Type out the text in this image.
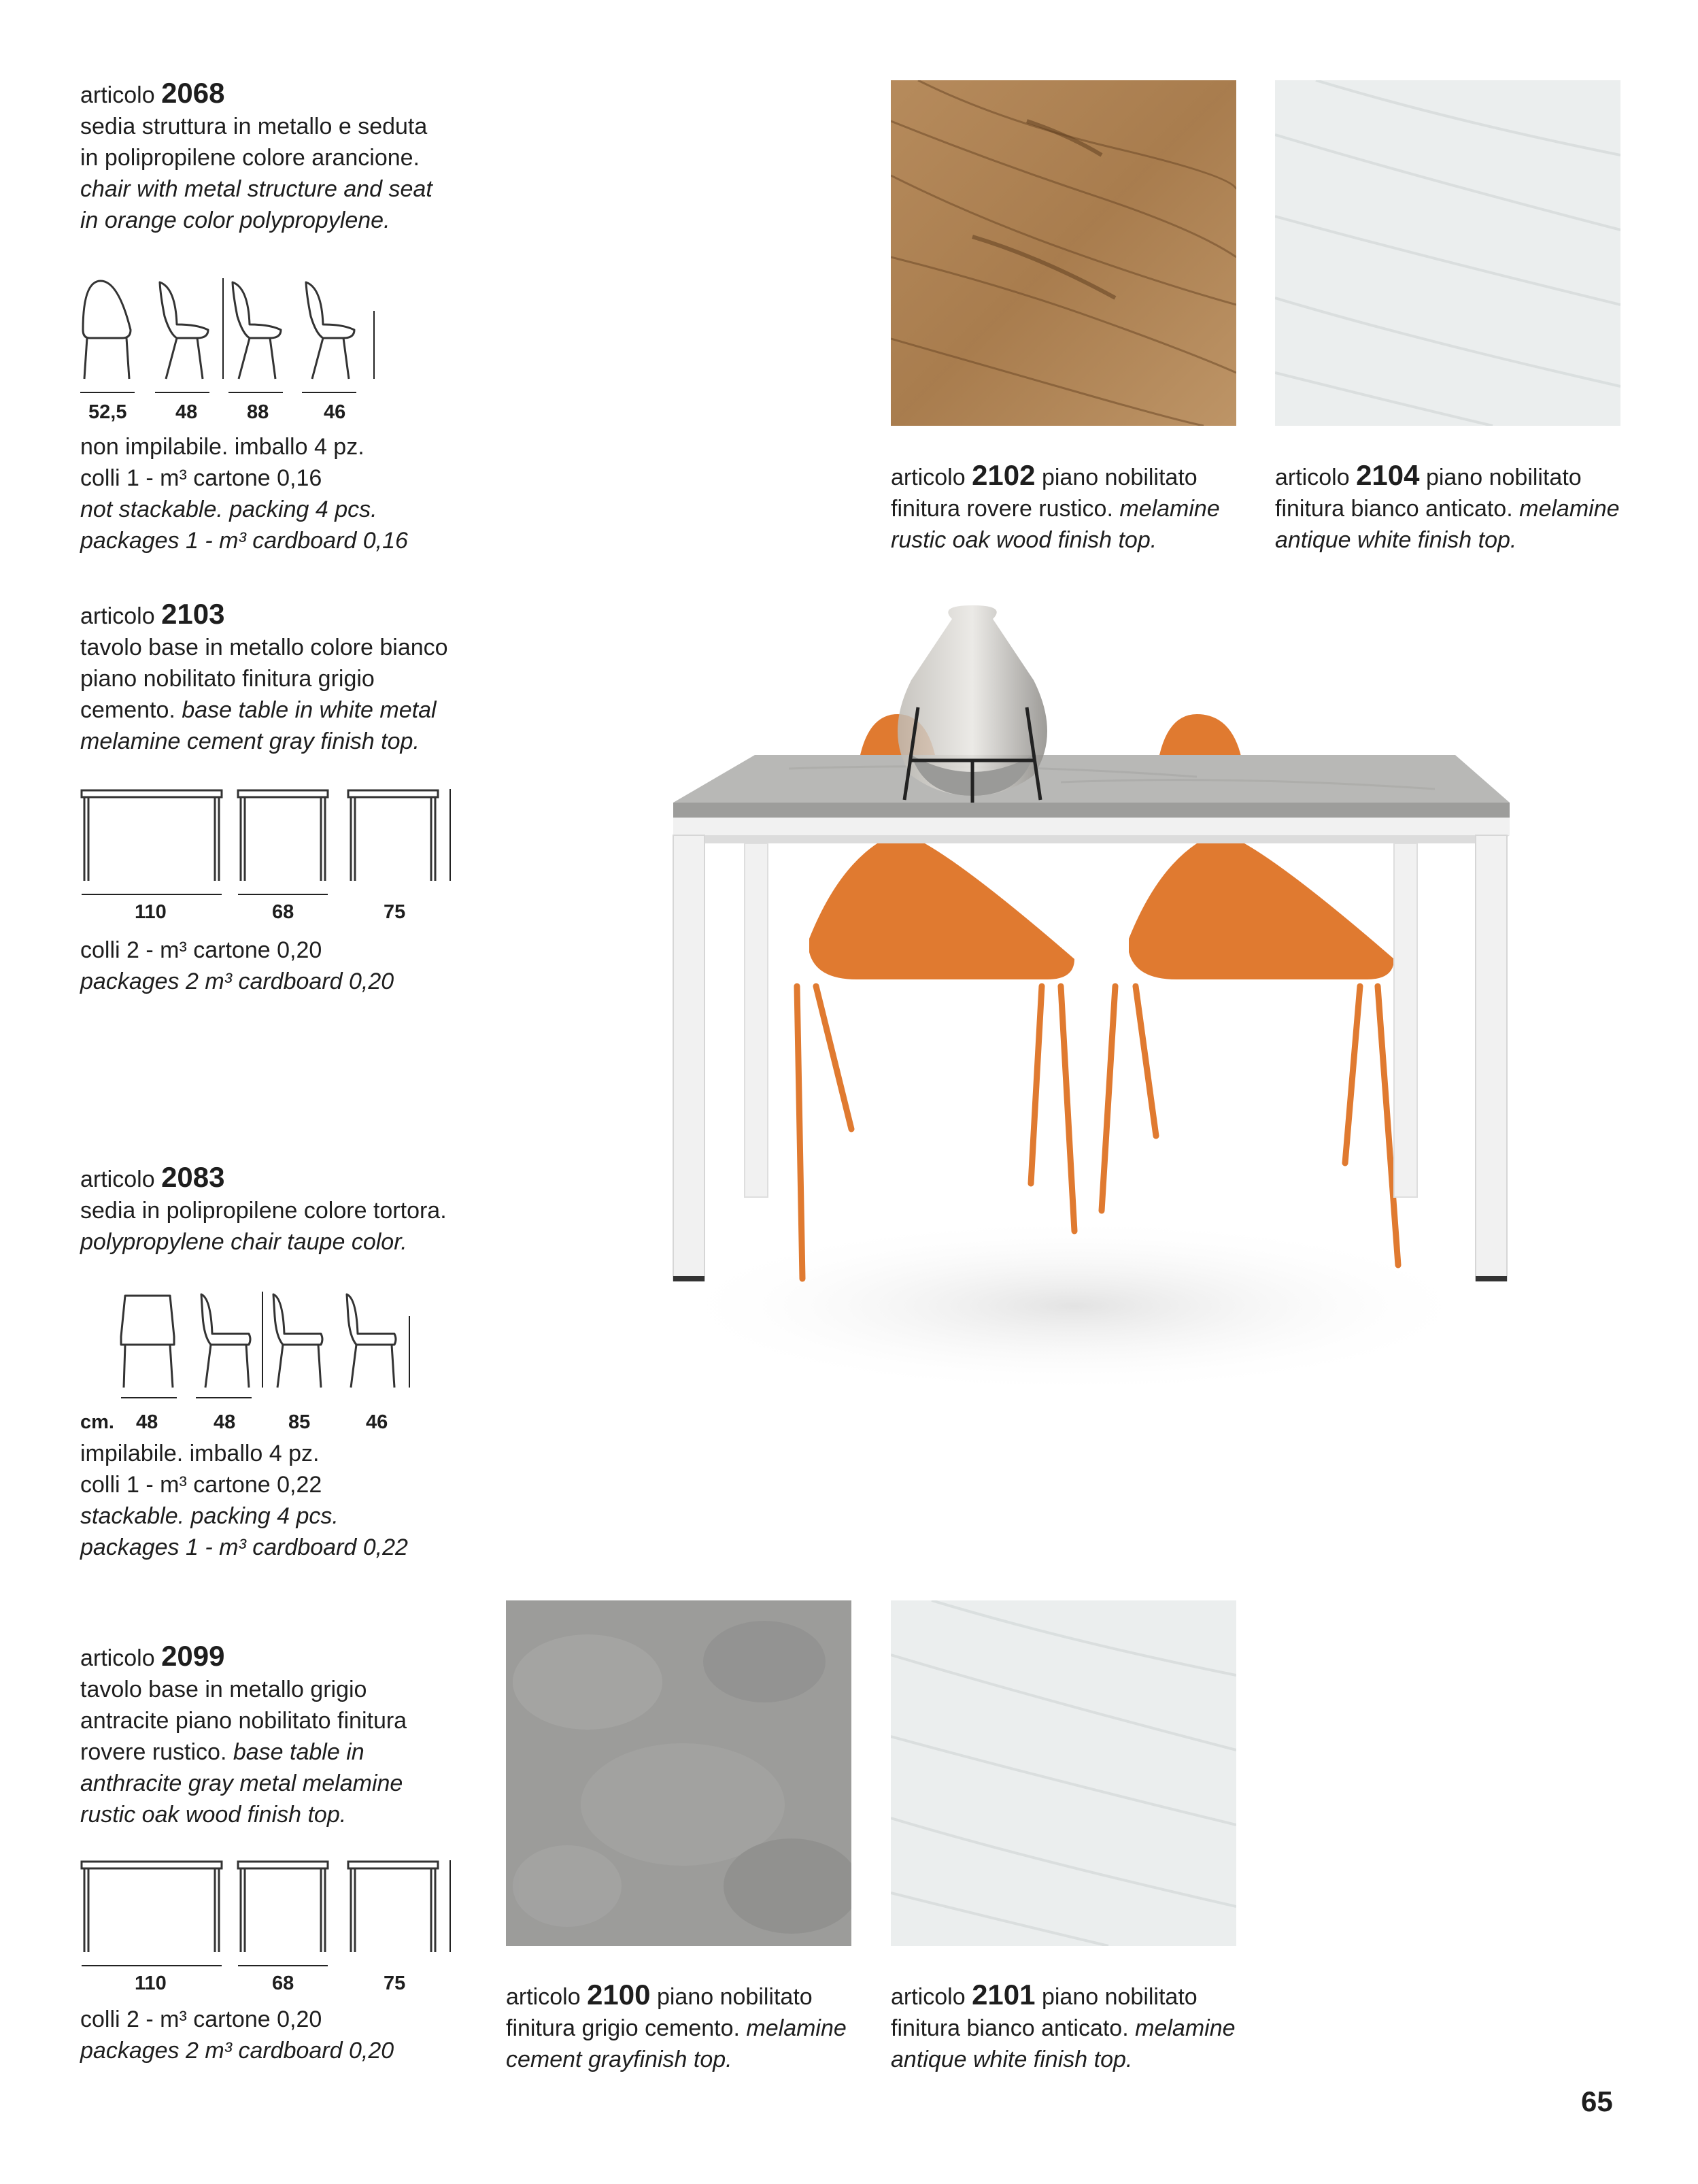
articolo 2068
sedia struttura in metallo e seduta
in polipropilene colore arancione.
chair with metal structure and seat
in orange color polypropylene.
52,5 48	88	46
non impilabile. imballo 4 pz.
colli 1 - m³ cartone 0,16
not stackable. packing 4 pcs.
packages 1 - m³ cardboard 0,16
articolo 2103
tavolo base in metallo colore bianco
piano nobilitato finitura grigio
cemento. base table in white metal
melamine cement gray finish top.
110	68	75
colli 2 - m³ cartone 0,20
packages 2 m³ cardboard 0,20
articolo 2083
sedia in polipropilene colore tortora.
polypropylene chair taupe color.
cm. 48	48	85	46
impilabile. imballo 4 pz.
colli 1 - m³ cartone 0,22
stackable. packing 4 pcs.
packages 1 - m³ cardboard 0,22
articolo 2099
tavolo base in metallo grigio
antracite piano nobilitato finitura
rovere rustico. base table in
anthracite gray metal melamine
rustic oak wood finish top.
110	68	75
colli 2 - m³ cartone 0,20
packages 2 m³ cardboard 0,20
articolo 2102 piano nobilitato
finitura rovere rustico. melamine
rustic oak wood finish top.
articolo 2104 piano nobilitato
finitura bianco anticato. melamine
antique white finish top.
articolo 2100 piano nobilitato
finitura grigio cemento. melamine
cement grayfinish top.
articolo 2101 piano nobilitato
finitura bianco anticato. melamine
antique white finish top.
65
